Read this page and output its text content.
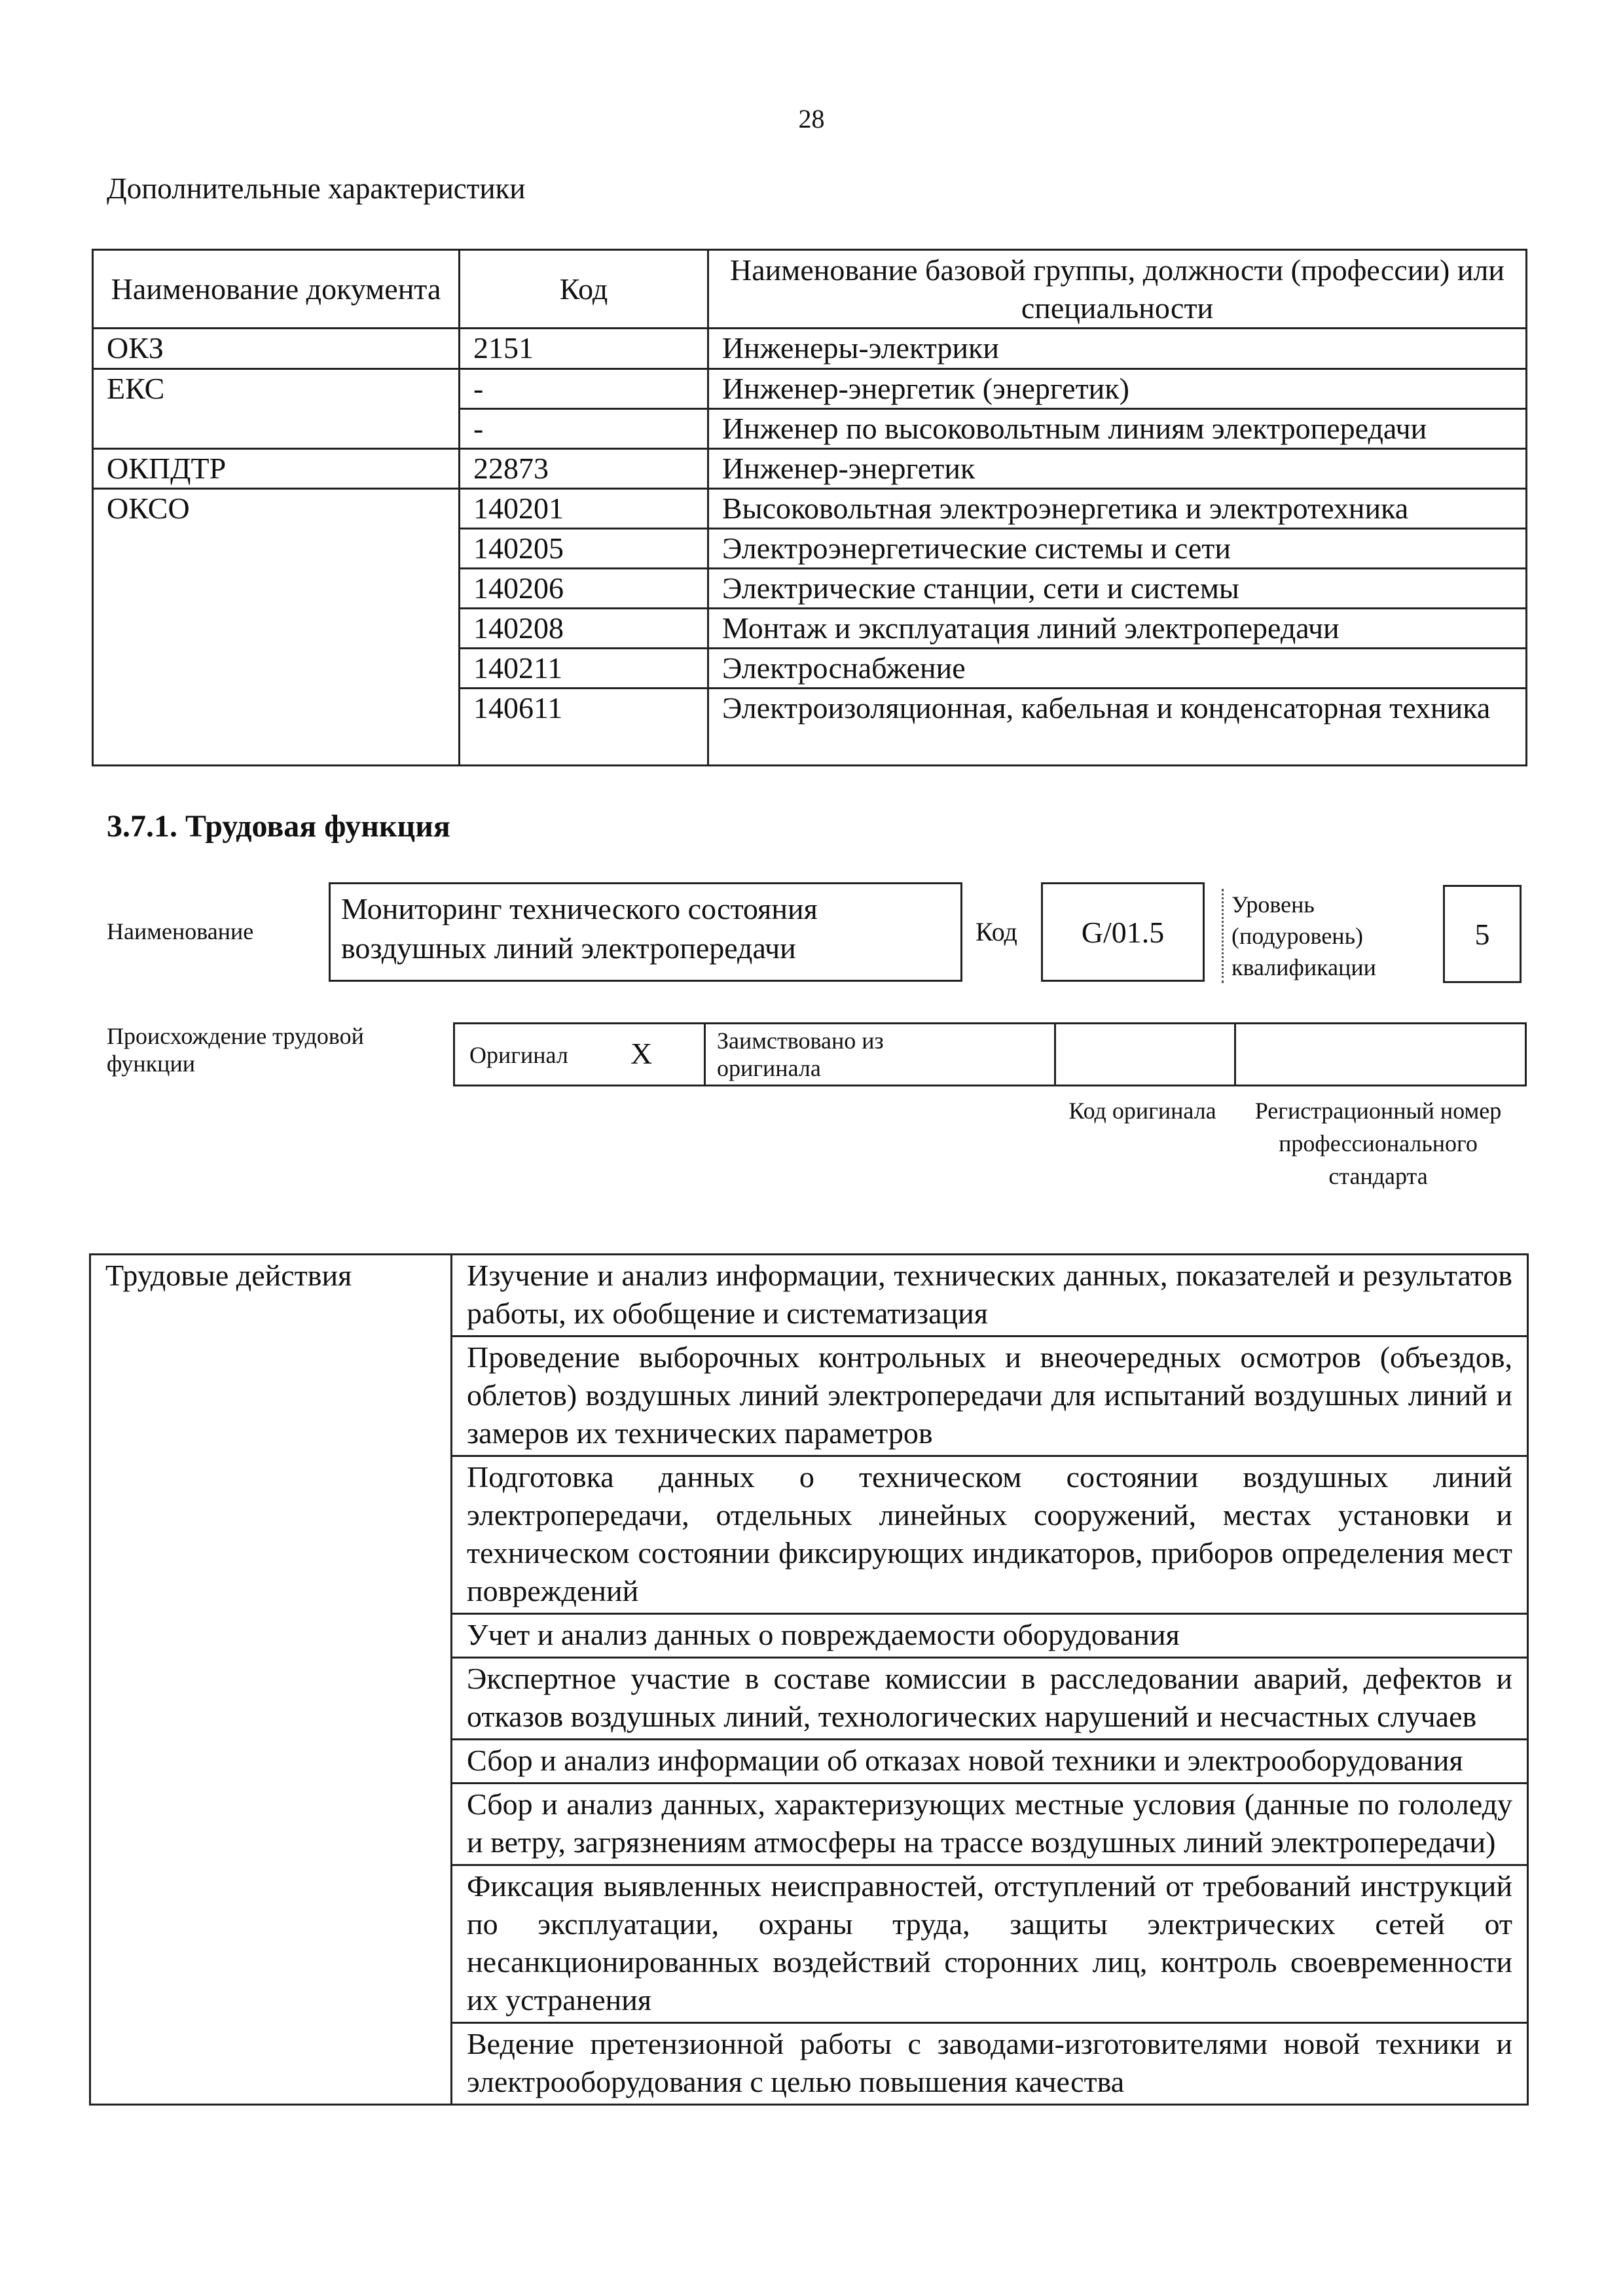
28
Дополнительные характеристики
Наименование документа	Код	Наименование базовой группы, должности (профессии) или специальности
ОКЗ	2151	Инженеры-электрики
ЕКС	-	Инженер-энергетик (энергетик)
	-	Инженер по высоковольтным линиям электропередачи
ОКПДТР	22873	Инженер-энергетик
ОКСО	140201	Высоковольтная электроэнергетика и электротехника
	140205	Электроэнергетические системы и сети
	140206	Электрические станции, сети и системы
	140208	Монтаж и эксплуатация линий электропередачи
	140211	Электроснабжение
	140611	Электроизоляционная, кабельная и конденсаторная техника
3.7.1. Трудовая функция
Наименование
Мониторинг технического состояния воздушных линий электропередачи	Код	G/01.5
Уровень (подуровень) квалификации
5
Происхождение трудовой функции	Оригинал X	Заимствовано из оригинала
Код оригинала	Регистрационный номер профессионального стандарта
Трудовые действия	Изучение и анализ информации, технических данных, показателей и результатов работы, их обобщение и систематизация
Проведение выборочных контрольных и внеочередных осмотров (объездов, облетов) воздушных линий электропередачи для испытаний воздушных линий и замеров их технических параметров
Подготовка данных о техническом состоянии воздушных линий электропередачи, отдельных линейных сооружений, местах установки и техническом состоянии фиксирующих индикаторов, приборов определения мест повреждений
Учет и анализ данных о повреждаемости оборудования
Экспертное участие в составе комиссии в расследовании аварий, дефектов и отказов воздушных линий, технологических нарушений и несчастных случаев
Сбор и анализ информации об отказах новой техники и электрооборудования
Сбор и анализ данных, характеризующих местные условия (данные по гололеду и ветру, загрязнениям атмосферы на трассе воздушных линий электропередачи)
Фиксация выявленных неисправностей, отступлений от требований инструкций по эксплуатации, охраны труда, защиты электрических сетей от несанкционированных воздействий сторонних лиц, контроль своевременности их устранения
Ведение претензионной работы с заводами-изготовителями новой техники и электрооборудования с целью повышения качества
